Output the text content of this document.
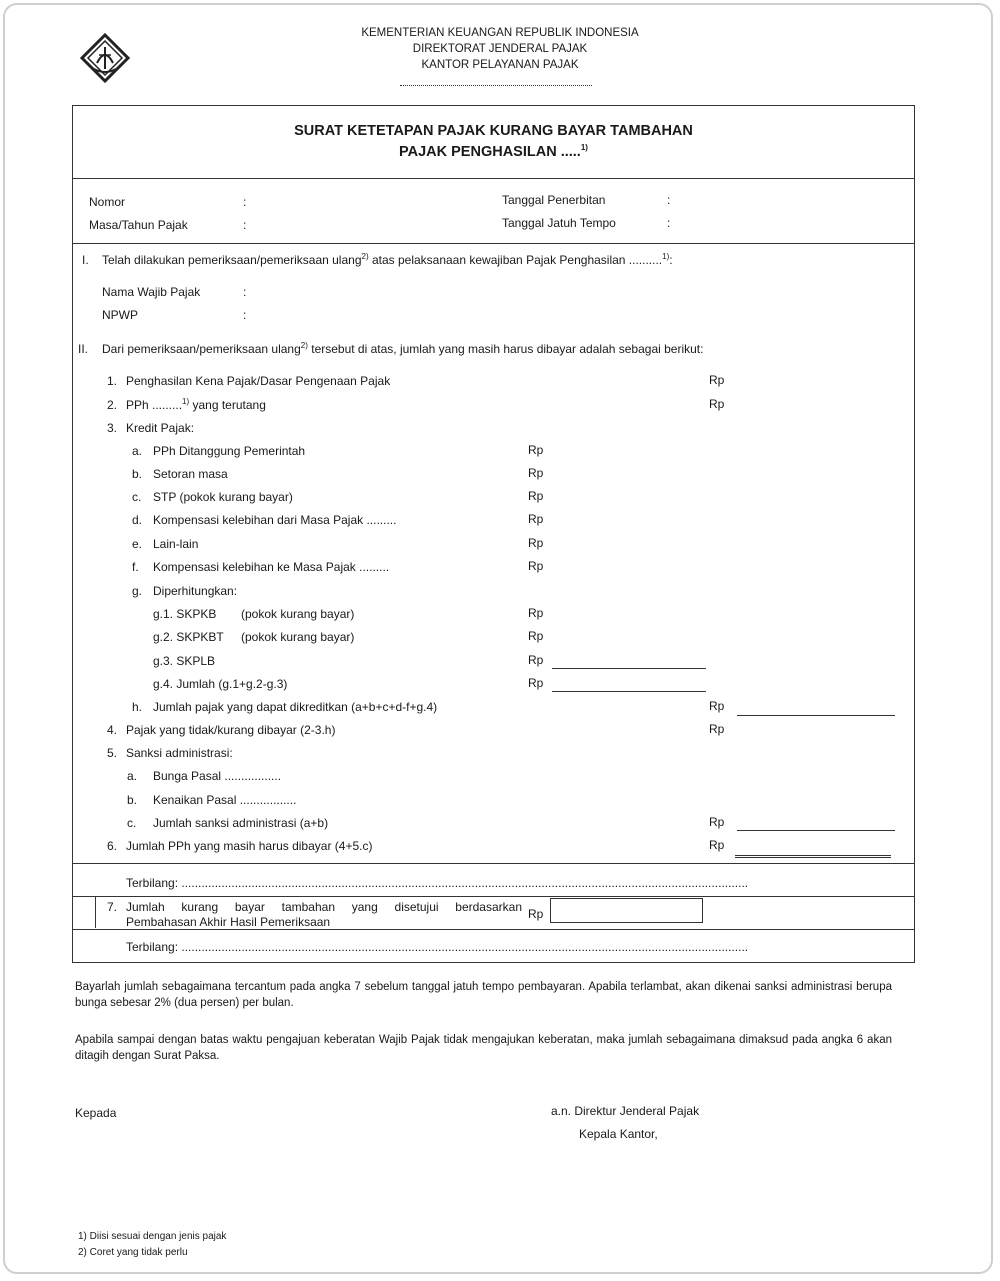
KEMENTERIAN KEUANGAN REPUBLIK INDONESIA
DIREKTORAT JENDERAL PAJAK
KANTOR PELAYANAN PAJAK
SURAT KETETAPAN PAJAK KURANG BAYAR TAMBAHAN
PAJAK PENGHASILAN .....$^{1)}$
Nomor	:
Masa/Tahun Pajak	:
Tanggal Penerbitan	:
Tanggal Jatuh Tempo	:
I. Telah dilakukan pemeriksaan/pemeriksaan ulang$^{2)}$ atas pelaksanaan kewajiban Pajak Penghasilan ..........$^{1)}$:
Nama Wajib Pajak	:
NPWP	:
II. Dari pemeriksaan/pemeriksaan ulang$^{2)}$ tersebut di atas, jumlah yang masih harus dibayar adalah sebagai berikut:
1. Penghasilan Kena Pajak/Dasar Pengenaan Pajak	Rp
2. PPh .........$^{1)}$ yang terutang	Rp
3. Kredit Pajak:
a. PPh Ditanggung Pemerintah	Rp
b. Setoran masa	Rp
c. STP (pokok kurang bayar)	Rp
d. Kompensasi kelebihan dari Masa Pajak .........	Rp
e. Lain-lain	Rp
f. Kompensasi kelebihan ke Masa Pajak .........	Rp
g. Diperhitungkan:
g.1. SKPKB (pokok kurang bayar)	Rp
g.2. SKPKBT (pokok kurang bayar)	Rp
g.3. SKPLB	Rp
g.4. Jumlah (g.1+g.2-g.3)	Rp
h. Jumlah pajak yang dapat dikreditkan (a+b+c+d-f+g.4)	Rp
4. Pajak yang tidak/kurang dibayar (2-3.h)	Rp
5. Sanksi administrasi:
a. Bunga Pasal .................
b. Kenaikan Pasal .................
c. Jumlah sanksi administrasi (a+b)	Rp
6. Jumlah PPh yang masih harus dibayar (4+5.c)	Rp
Terbilang: ..........................................................................................................................................................................
7. Jumlah kurang bayar tambahan yang disetujui berdasarkan
Pembahasan Akhir Hasil Pemeriksaan
Rp
Terbilang: ..........................................................................................................................................................................
Bayarlah jumlah sebagaimana tercantum pada angka 7 sebelum tanggal jatuh tempo pembayaran. Apabila terlambat, akan dikenai sanksi administrasi berupa bunga sebesar 2% (dua persen) per bulan.
Apabila sampai dengan batas waktu pengajuan keberatan Wajib Pajak tidak mengajukan keberatan, maka jumlah sebagaimana dimaksud pada angka 6 akan ditagih dengan Surat Paksa.
Kepada	a.n. Direktur Jenderal Pajak
Kepala Kantor,
1) Diisi sesuai dengan jenis pajak
2) Coret yang tidak perlu
